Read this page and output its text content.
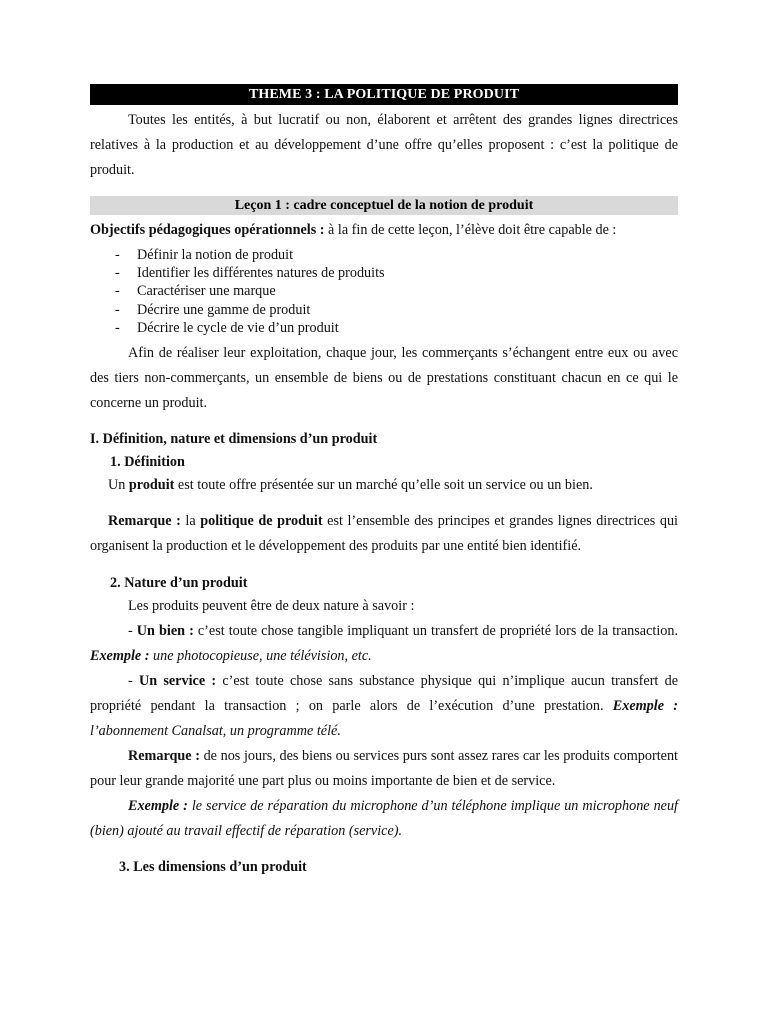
THEME 3 : LA POLITIQUE DE PRODUIT

Toutes les entités, à but lucratif ou non, élaborent et arrêtent des grandes lignes directrices relatives à la production et au développement d’une offre qu’elles proposent : c’est la politique de produit.

Leçon 1 : cadre conceptuel de la notion de produit

Objectifs pédagogiques opérationnels : à la fin de cette leçon, l’élève doit être capable de :

- Définir la notion de produit
- Identifier les différentes natures de produits
- Caractériser une marque
- Décrire une gamme de produit
- Décrire le cycle de vie d’un produit

Afin de réaliser leur exploitation, chaque jour, les commerçants s’échangent entre eux ou avec des tiers non-commerçants, un ensemble de biens ou de prestations constituant chacun en ce qui le concerne un produit.

I. Définition, nature et dimensions d’un produit

1. Définition

Un produit est toute offre présentée sur un marché qu’elle soit un service ou un bien.

Remarque : la politique de produit est l’ensemble des principes et grandes lignes directrices qui organisent la production et le développement des produits par une entité bien identifié.

2. Nature d’un produit

Les produits peuvent être de deux nature à savoir :

- Un bien : c’est toute chose tangible impliquant un transfert de propriété lors de la transaction. Exemple : une photocopieuse, une télévision, etc.

- Un service : c’est toute chose sans substance physique qui n’implique aucun transfert de propriété pendant la transaction ; on parle alors de l’exécution d’une prestation. Exemple : l’abonnement Canalsat, un programme télé.

Remarque : de nos jours, des biens ou services purs sont assez rares car les produits comportent pour leur grande majorité une part plus ou moins importante de bien et de service.

Exemple : le service de réparation du microphone d’un téléphone implique un microphone neuf (bien) ajouté au travail effectif de réparation (service).

3. Les dimensions d’un produit
